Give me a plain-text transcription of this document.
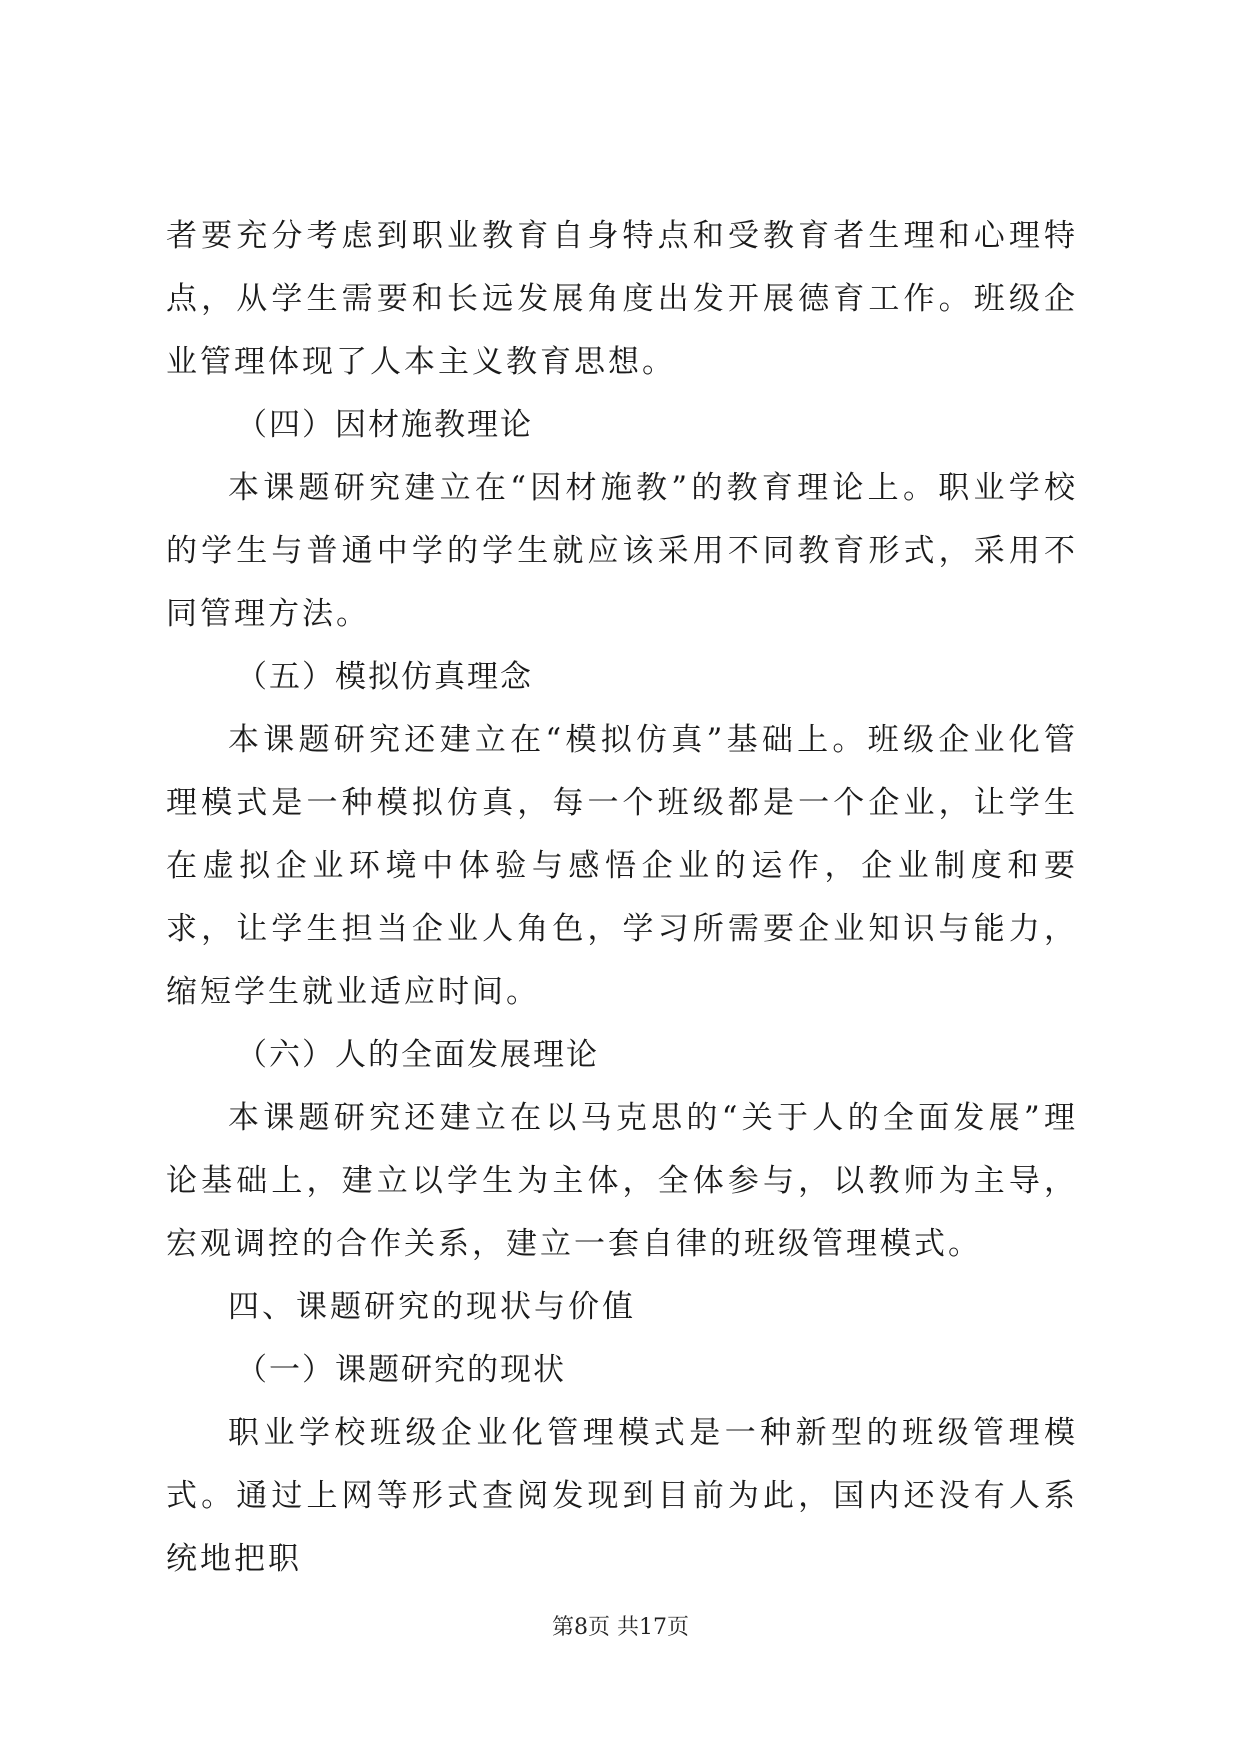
者要充分考虑到职业教育自身特点和受教育者生理和心理特点，从学生需要和长远发展角度出发开展德育工作。班级企业管理体现了人本主义教育思想。

（四）因材施教理论

本课题研究建立在“因材施教”的教育理论上。职业学校的学生与普通中学的学生就应该采用不同教育形式，采用不同管理方法。

（五）模拟仿真理念

本课题研究还建立在“模拟仿真”基础上。班级企业化管理模式是一种模拟仿真，每一个班级都是一个企业，让学生在虚拟企业环境中体验与感悟企业的运作，企业制度和要求，让学生担当企业人角色，学习所需要企业知识与能力，缩短学生就业适应时间。

（六）人的全面发展理论

本课题研究还建立在以马克思的“关于人的全面发展”理论基础上，建立以学生为主体，全体参与，以教师为主导，宏观调控的合作关系，建立一套自律的班级管理模式。

四、课题研究的现状与价值

（一）课题研究的现状

职业学校班级企业化管理模式是一种新型的班级管理模式。通过上网等形式查阅发现到目前为此，国内还没有人系统地把职

第8页 共17页
